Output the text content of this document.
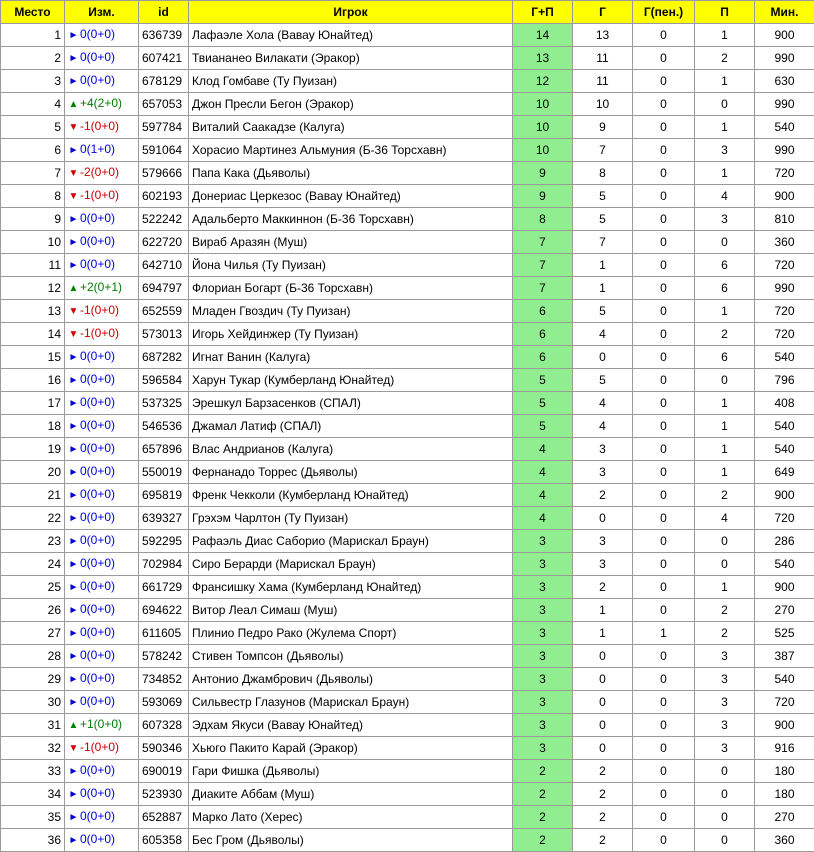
Место	Изм.	id	Игрок	Г+П	Г	Г(пен.)	П	Мин.
1	► 0(0+0)	636739	Лафаэле Хола (Вавау Юнайтед)	14	13	0	1	900
2	► 0(0+0)	607421	Твиананео Вилакати (Эракор)	13	11	0	2	990
3	► 0(0+0)	678129	Клод Гомбаве (Ту Пуизан)	12	11	0	1	630
4	▲ +4(2+0)	657053	Джон Пресли Бегон (Эракор)	10	10	0	0	990
5	▼ -1(0+0)	597784	Виталий Саакадзе (Калуга)	10	9	0	1	540
6	► 0(1+0)	591064	Хорасио Мартинез Альмуния (Б-36 Торсхавн)	10	7	0	3	990
7	▼ -2(0+0)	579666	Папа Кака (Дьяволы)	9	8	0	1	720
8	▼ -1(0+0)	602193	Донериас Церкезос (Вавау Юнайтед)	9	5	0	4	900
9	► 0(0+0)	522242	Адальберто Маккиннон (Б-36 Торсхавн)	8	5	0	3	810
10	► 0(0+0)	622720	Вираб Аразян (Муш)	7	7	0	0	360
11	► 0(0+0)	642710	Йона Чилья (Ту Пуизан)	7	1	0	6	720
12	▲ +2(0+1)	694797	Флориан Богарт (Б-36 Торсхавн)	7	1	0	6	990
13	▼ -1(0+0)	652559	Младен Гвоздич (Ту Пуизан)	6	5	0	1	720
14	▼ -1(0+0)	573013	Игорь Хейдинжер (Ту Пуизан)	6	4	0	2	720
15	► 0(0+0)	687282	Игнат Ванин (Калуга)	6	0	0	6	540
16	► 0(0+0)	596584	Харун Тукар (Кумберланд Юнайтед)	5	5	0	0	796
17	► 0(0+0)	537325	Эрешкул Барзасенков (СПАЛ)	5	4	0	1	408
18	► 0(0+0)	546536	Джамал Латиф (СПАЛ)	5	4	0	1	540
19	► 0(0+0)	657896	Влас Андрианов (Калуга)	4	3	0	1	540
20	► 0(0+0)	550019	Фернанадо Торрес (Дьяволы)	4	3	0	1	649
21	► 0(0+0)	695819	Френк Чекколи (Кумберланд Юнайтед)	4	2	0	2	900
22	► 0(0+0)	639327	Грэхэм Чарлтон (Ту Пуизан)	4	0	0	4	720
23	► 0(0+0)	592295	Рафаэль Диас Саборио (Марискал Браун)	3	3	0	0	286
24	► 0(0+0)	702984	Сиро Берарди (Марискал Браун)	3	3	0	0	540
25	► 0(0+0)	661729	Франсишку Хама (Кумберланд Юнайтед)	3	2	0	1	900
26	► 0(0+0)	694622	Витор Леал Симаш (Муш)	3	1	0	2	270
27	► 0(0+0)	611605	Плинио Педро Рако (Жулема Спорт)	3	1	1	2	525
28	► 0(0+0)	578242	Стивен Томпсон (Дьяволы)	3	0	0	3	387
29	► 0(0+0)	734852	Антонио Джамбрович (Дьяволы)	3	0	0	3	540
30	► 0(0+0)	593069	Сильвестр Глазунов (Марискал Браун)	3	0	0	3	720
31	▲ +1(0+0)	607328	Эдхам Якуси (Вавау Юнайтед)	3	0	0	3	900
32	▼ -1(0+0)	590346	Хьюго Пакито Карай (Эракор)	3	0	0	3	916
33	► 0(0+0)	690019	Гари Фишка (Дьяволы)	2	2	0	0	180
34	► 0(0+0)	523930	Диаките Аббам (Муш)	2	2	0	0	180
35	► 0(0+0)	652887	Марко Лато (Херес)	2	2	0	0	270
36	► 0(0+0)	605358	Бес Гром (Дьяволы)	2	2	0	0	360
